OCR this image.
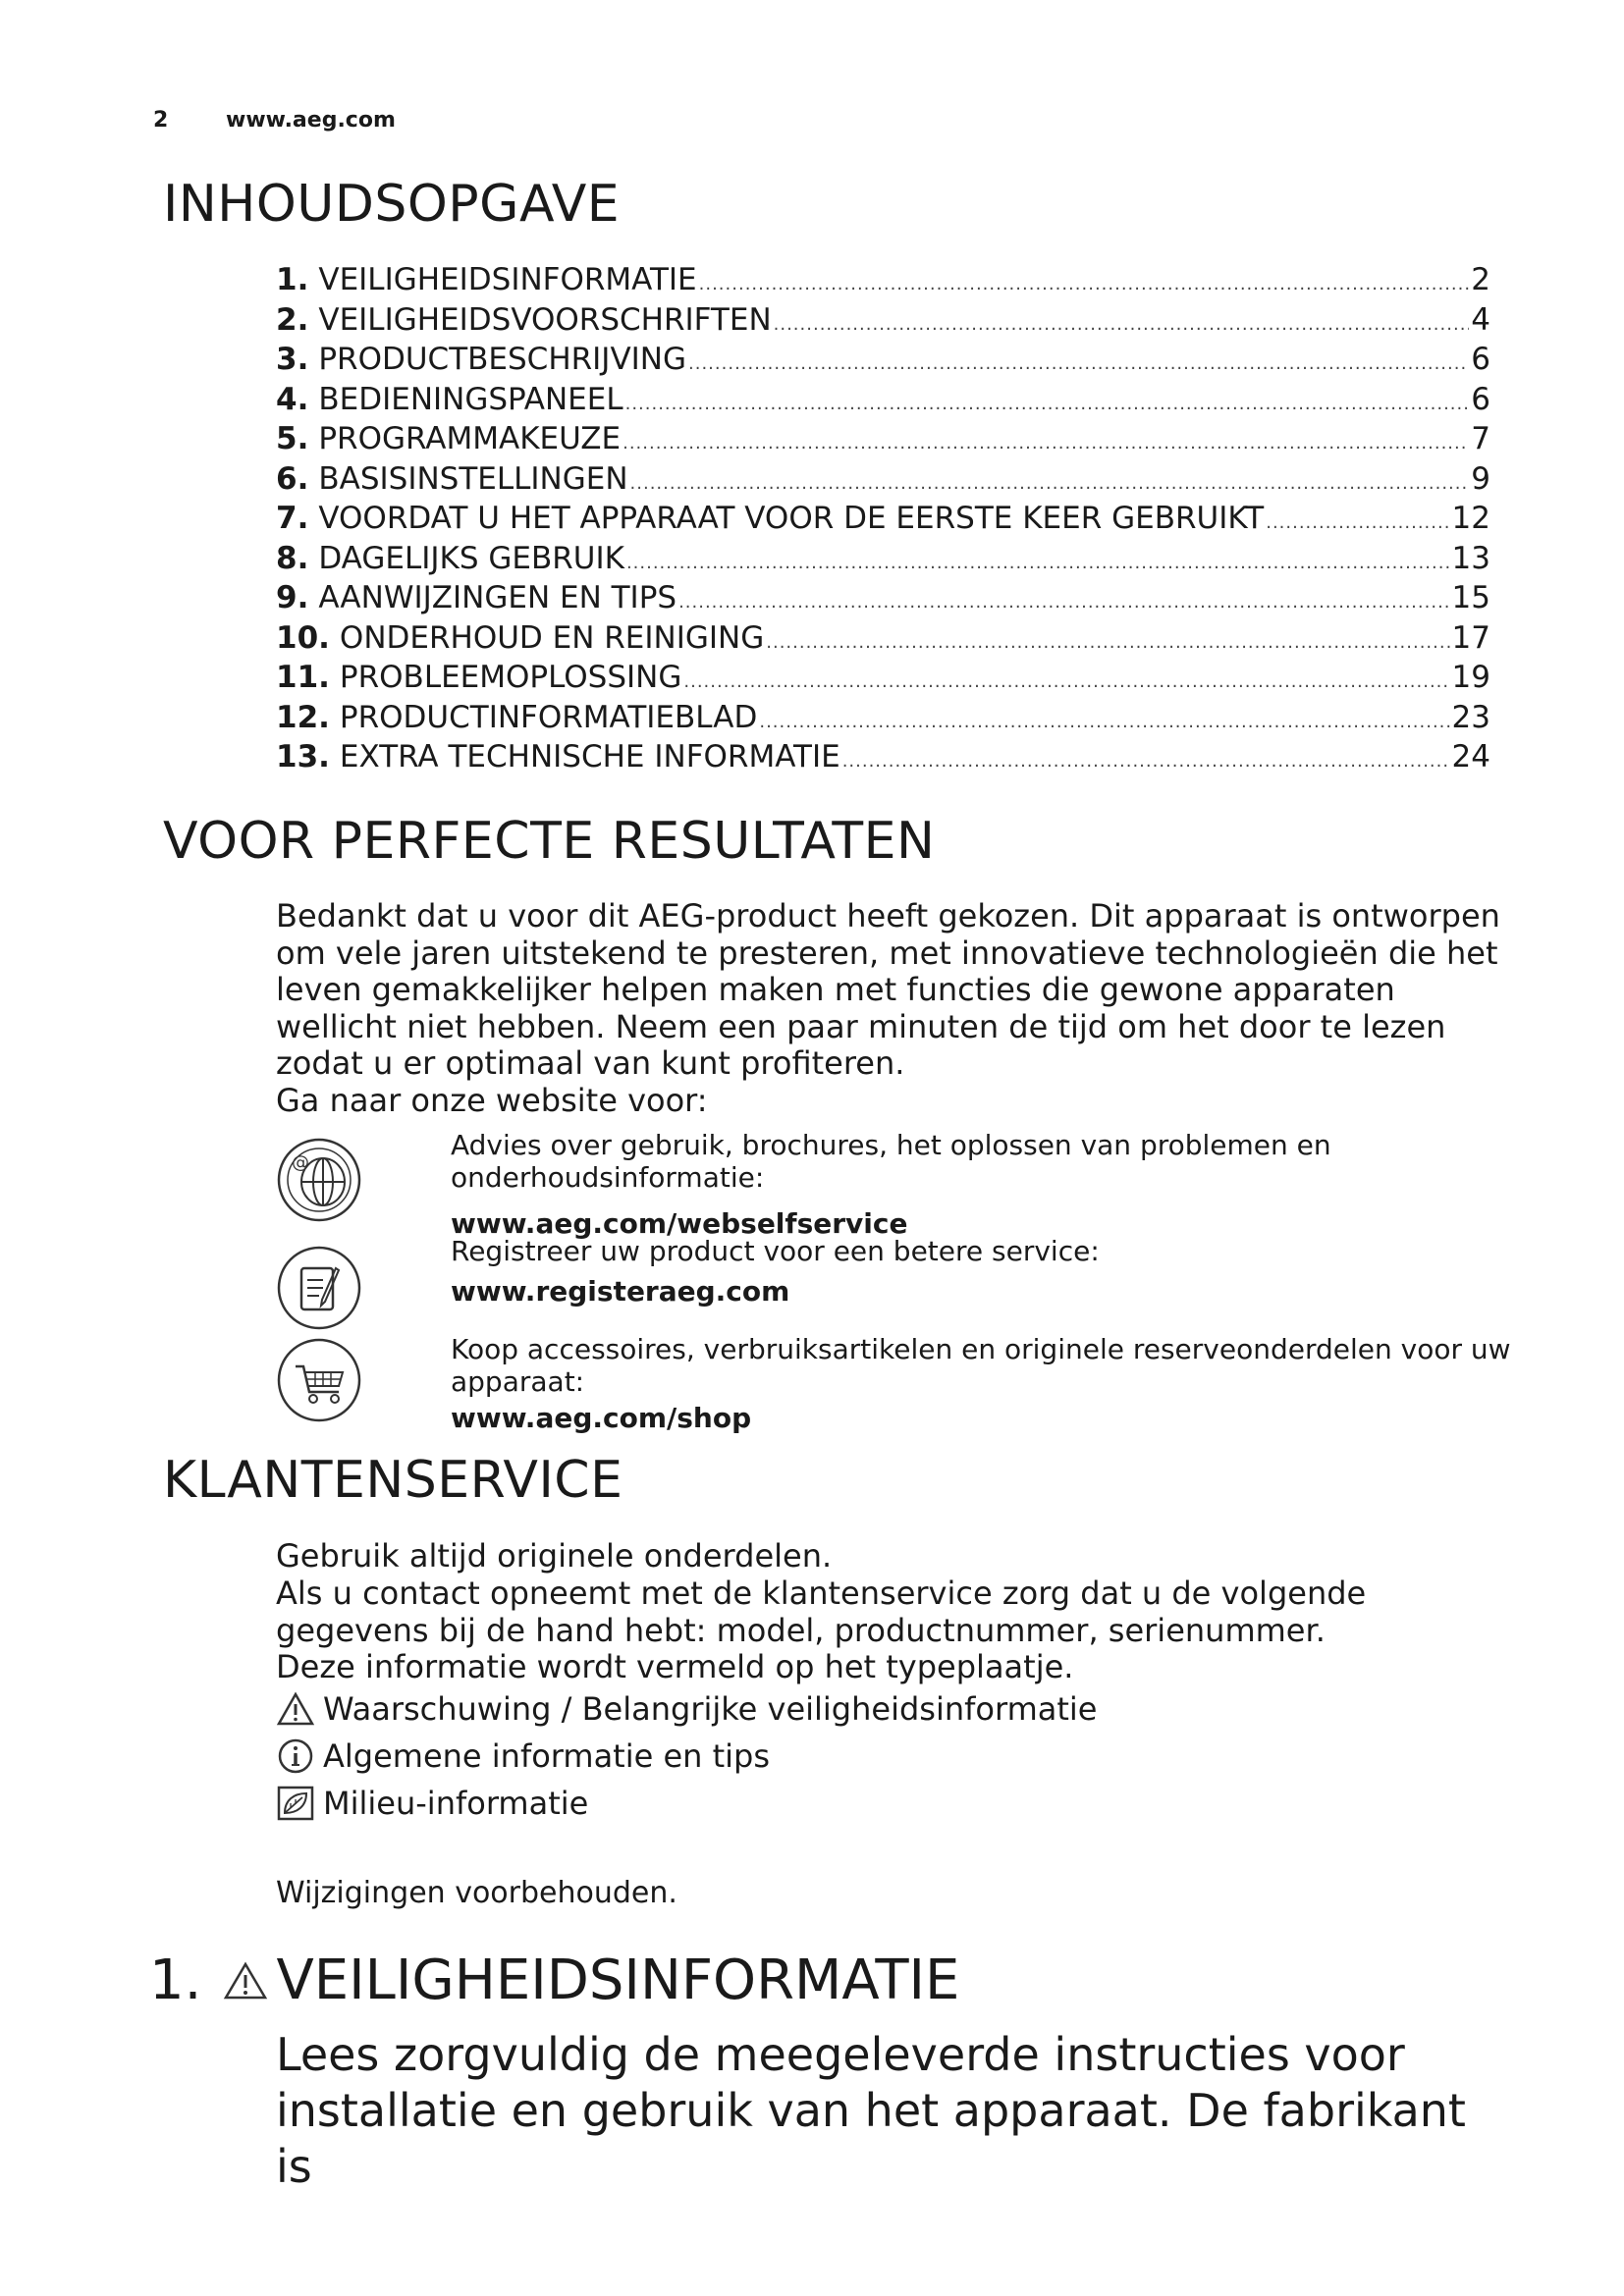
2	www.aeg.com
INHOUDSOPGAVE
1. VEILIGHEIDSINFORMATIE .....	2
2. VEILIGHEIDSVOORSCHRIFTEN .....	4
3. PRODUCTBESCHRIJVING .....	6
4. BEDIENINGSPANEEL .....	6
5. PROGRAMMAKEUZE .....	7
6. BASISINSTELLINGEN .....	9
7. VOORDAT U HET APPARAAT VOOR DE EERSTE KEER GEBRUIKT .....	12
8. DAGELIJKS GEBRUIK .....	13
9. AANWIJZINGEN EN TIPS .....	15
10. ONDERHOUD EN REINIGING .....	17
11. PROBLEEMOPLOSSING .....	19
12. PRODUCTINFORMATIEBLAD .....	23
13. EXTRA TECHNISCHE INFORMATIE .....	24
VOOR PERFECTE RESULTATEN
Bedankt dat u voor dit AEG-product heeft gekozen. Dit apparaat is ontworpen om vele jaren uitstekend te presteren, met innovatieve technologieën die het leven gemakkelijker helpen maken met functies die gewone apparaten wellicht niet hebben. Neem een paar minuten de tijd om het door te lezen zodat u er optimaal van kunt profiteren.
Ga naar onze website voor:
@
Advies over gebruik, brochures, het oplossen van problemen en onderhoudsinformatie:
www.aeg.com/webselfservice
Registreer uw product voor een betere service:
www.registeraeg.com
Koop accessoires, verbruiksartikelen en originele reserveonderdelen voor uw apparaat:
www.aeg.com/shop
KLANTENSERVICE
Gebruik altijd originele onderdelen.
Als u contact opneemt met de klantenservice zorg dat u de volgende gegevens bij de hand hebt: model, productnummer, serienummer.
Deze informatie wordt vermeld op het typeplaatje.
Waarschuwing / Belangrijke veiligheidsinformatie
Algemene informatie en tips
Milieu-informatie
Wijzigingen voorbehouden.
1. VEILIGHEIDSINFORMATIE
Lees zorgvuldig de meegeleverde instructies voor installatie en gebruik van het apparaat. De fabrikant is
